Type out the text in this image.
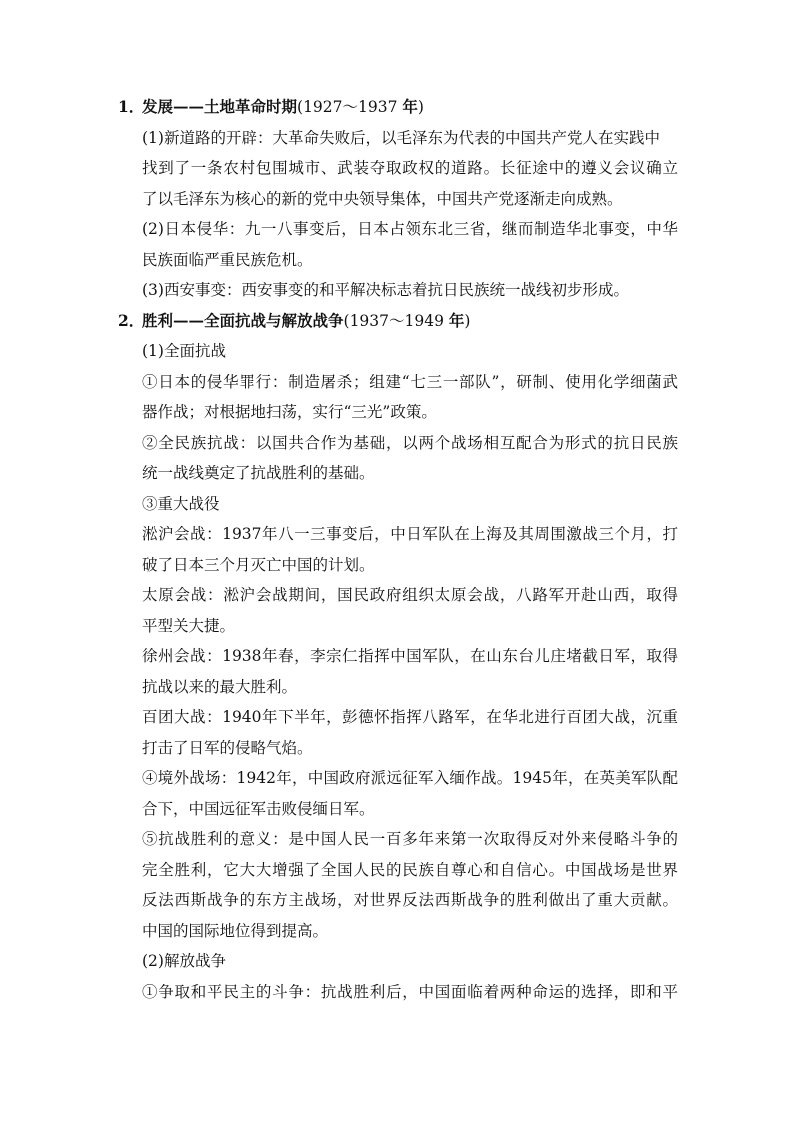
1．发展——土地革命时期(1927～1937 年)
(1)新道路的开辟：大革命失败后，以毛泽东为代表的中国共产党人在实践中
找到了一条农村包围城市、武装夺取政权的道路。长征途中的遵义会议确立
了以毛泽东为核心的新的党中央领导集体，中国共产党逐渐走向成熟。
(2)日本侵华：九一八事变后，日本占领东北三省，继而制造华北事变，中华
民族面临严重民族危机。
(3)西安事变：西安事变的和平解决标志着抗日民族统一战线初步形成。
2．胜利——全面抗战与解放战争(1937～1949 年)
(1)全面抗战
①日本的侵华罪行：制造屠杀；组建“七三一部队”，研制、使用化学细菌武
器作战；对根据地扫荡，实行“三光”政策。
②全民族抗战：以国共合作为基础，以两个战场相互配合为形式的抗日民族
统一战线奠定了抗战胜利的基础。
③重大战役
淞沪会战：1937年八一三事变后，中日军队在上海及其周围激战三个月，打
破了日本三个月灭亡中国的计划。
太原会战：淞沪会战期间，国民政府组织太原会战，八路军开赴山西，取得
平型关大捷。
徐州会战：1938年春，李宗仁指挥中国军队，在山东台儿庄堵截日军，取得
抗战以来的最大胜利。
百团大战：1940年下半年，彭德怀指挥八路军，在华北进行百团大战，沉重
打击了日军的侵略气焰。
④境外战场：1942年，中国政府派远征军入缅作战。1945年，在英美军队配
合下，中国远征军击败侵缅日军。
⑤抗战胜利的意义：是中国人民一百多年来第一次取得反对外来侵略斗争的
完全胜利，它大大增强了全国人民的民族自尊心和自信心。中国战场是世界
反法西斯战争的东方主战场，对世界反法西斯战争的胜利做出了重大贡献。
中国的国际地位得到提高。
(2)解放战争
①争取和平民主的斗争：抗战胜利后，中国面临着两种命运的选择，即和平
